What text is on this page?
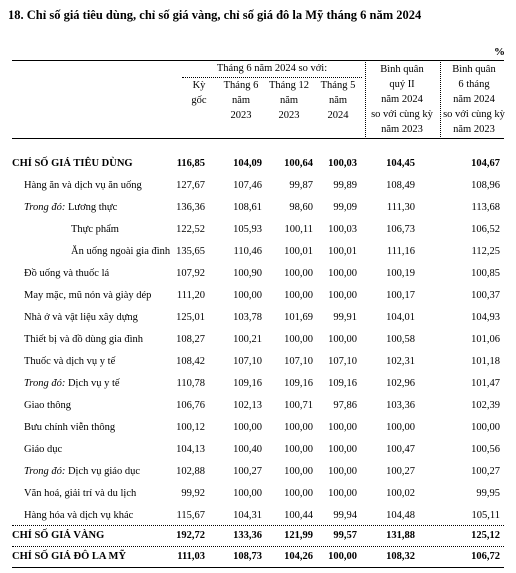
18. Chỉ số giá tiêu dùng, chỉ số giá vàng, chỉ số giá đô la Mỹ tháng 6 năm 2024
%
Tháng 6 năm 2024 so với:
Kỳ
gốc
Tháng 6
năm
2023
Tháng 12
năm
2023
Tháng 5
năm
2024
Bình quân
quý II
năm 2024
so với cùng kỳ
năm 2023
Bình quân
6 tháng
năm 2024
so với cùng kỳ
năm 2023
CHỈ SỐ GIÁ TIÊU DÙNG	116,85	104,09	100,64	100,03	104,45	104,67
Hàng ăn và dịch vụ ăn uống	127,67	107,46	99,87	99,89	108,49	108,96
Trong đó: Lương thực	136,36	108,61	98,60	99,09	111,30	113,68
Thực phẩm	122,52	105,93	100,11	100,03	106,73	106,52
Ăn uống ngoài gia đình 135,65	110,46	100,01	100,01	111,16	112,25
Đồ uống và thuốc lá	107,92	100,90	100,00	100,00	100,19	100,85
May mặc, mũ nón và giày dép	111,20	100,00	100,00	100,00	100,17	100,37
Nhà ở và vật liệu xây dựng	125,01	103,78	101,69	99,91	104,01	104,93
Thiết bị và đồ dùng gia đình	108,27	100,21	100,00	100,00	100,58	101,06
Thuốc và dịch vụ y tế	108,42	107,10	107,10	107,10	102,31	101,18
Trong đó: Dịch vụ y tế	110,78	109,16	109,16	109,16	102,96	101,47
Giao thông	106,76	102,13	100,71	97,86	103,36	102,39
Bưu chính viễn thông	100,12	100,00	100,00	100,00	100,00	100,00
Giáo dục	104,13	100,40	100,00	100,00	100,47	100,56
Trong đó: Dịch vụ giáo dục	102,88	100,27	100,00	100,00	100,27	100,27
Văn hoá, giải trí và du lịch	99,92	100,00	100,00	100,00	100,02	99,95
Hàng hóa và dịch vụ khác	115,67	104,31	100,44	99,94	104,48	105,11
CHỈ SỐ GIÁ VÀNG	192,72	133,36	121,99	99,57	131,88	125,12
CHỈ SỐ GIÁ ĐÔ LA MỸ	111,03	108,73	104,26	100,00	108,32	106,72
